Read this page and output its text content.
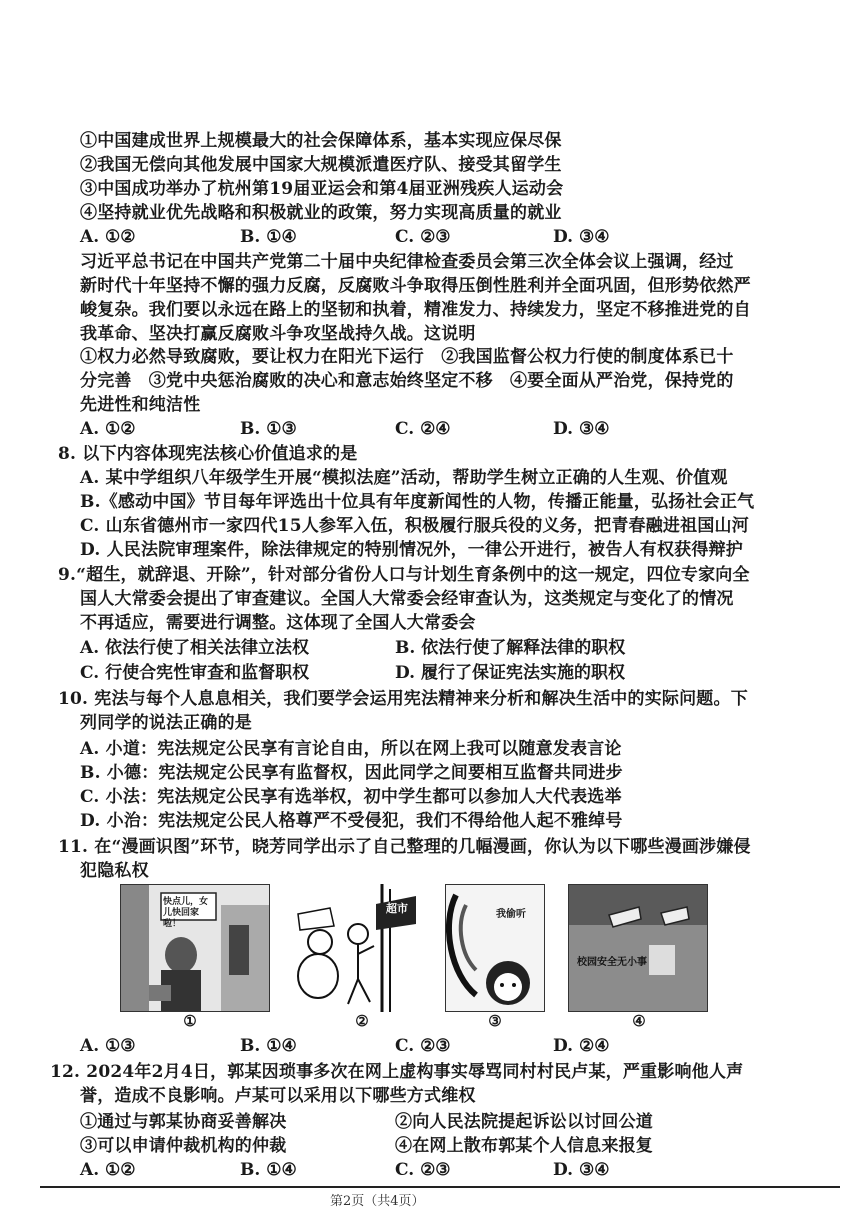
①中国建成世界上规模最大的社会保障体系，基本实现应保尽保
②我国无偿向其他发展中国家大规模派遣医疗队、接受其留学生
③中国成功举办了杭州第19届亚运会和第4届亚洲残疾人运动会
④坚持就业优先战略和积极就业的政策，努力实现高质量的就业
A. ①②	B. ①④	C. ②③	D. ③④
习近平总书记在中国共产党第二十届中央纪律检查委员会第三次全体会议上强调，经过
新时代十年坚持不懈的强力反腐，反腐败斗争取得压倒性胜利并全面巩固，但形势依然严
峻复杂。我们要以永远在路上的坚韧和执着，精准发力、持续发力，坚定不移推进党的自
我革命、坚决打赢反腐败斗争攻坚战持久战。这说明
①权力必然导致腐败，要让权力在阳光下运行　②我国监督公权力行使的制度体系已十
分完善　③党中央惩治腐败的决心和意志始终坚定不移　④要全面从严治党，保持党的
先进性和纯洁性
A. ①②	B. ①③	C. ②④	D. ③④
8. 以下内容体现宪法核心价值追求的是
A. 某中学组织八年级学生开展“模拟法庭”活动，帮助学生树立正确的人生观、价值观
B.《感动中国》节目每年评选出十位具有年度新闻性的人物，传播正能量，弘扬社会正气
C. 山东省德州市一家四代15人参军入伍，积极履行服兵役的义务，把青春融进祖国山河
D. 人民法院审理案件，除法律规定的特别情况外，一律公开进行，被告人有权获得辩护
9.“超生，就辞退、开除”，针对部分省份人口与计划生育条例中的这一规定，四位专家向全
国人大常委会提出了审查建议。全国人大常委会经审查认为，这类规定与变化了的情况
不再适应，需要进行调整。这体现了全国人大常委会
A. 依法行使了相关法律立法权	B. 依法行使了解释法律的职权
C. 行使合宪性审查和监督职权	D. 履行了保证宪法实施的职权
10. 宪法与每个人息息相关，我们要学会运用宪法精神来分析和解决生活中的实际问题。下
列同学的说法正确的是
A. 小道：宪法规定公民享有言论自由，所以在网上我可以随意发表言论
B. 小德：宪法规定公民享有监督权，因此同学之间要相互监督共同进步
C. 小法：宪法规定公民享有选举权，初中学生都可以参加人大代表选举
D. 小治：宪法规定公民人格尊严不受侵犯，我们不得给他人起不雅绰号
11. 在“漫画识图”环节，晓芳同学出示了自己整理的几幅漫画，你认为以下哪些漫画涉嫌侵
犯隐私权
快点儿，女儿快回家啦！
①
超市
②
我偷听
③
校园安全无小事
④
A. ①③	B. ①④	C. ②③	D. ②④
12. 2024年2月4日，郭某因琐事多次在网上虚构事实辱骂同村村民卢某，严重影响他人声
誉，造成不良影响。卢某可以采用以下哪些方式维权
①通过与郭某协商妥善解决	②向人民法院提起诉讼以讨回公道
③可以申请仲裁机构的仲裁	④在网上散布郭某个人信息来报复
A. ①②	B. ①④	C. ②③	D. ③④
第2页（共4页）
